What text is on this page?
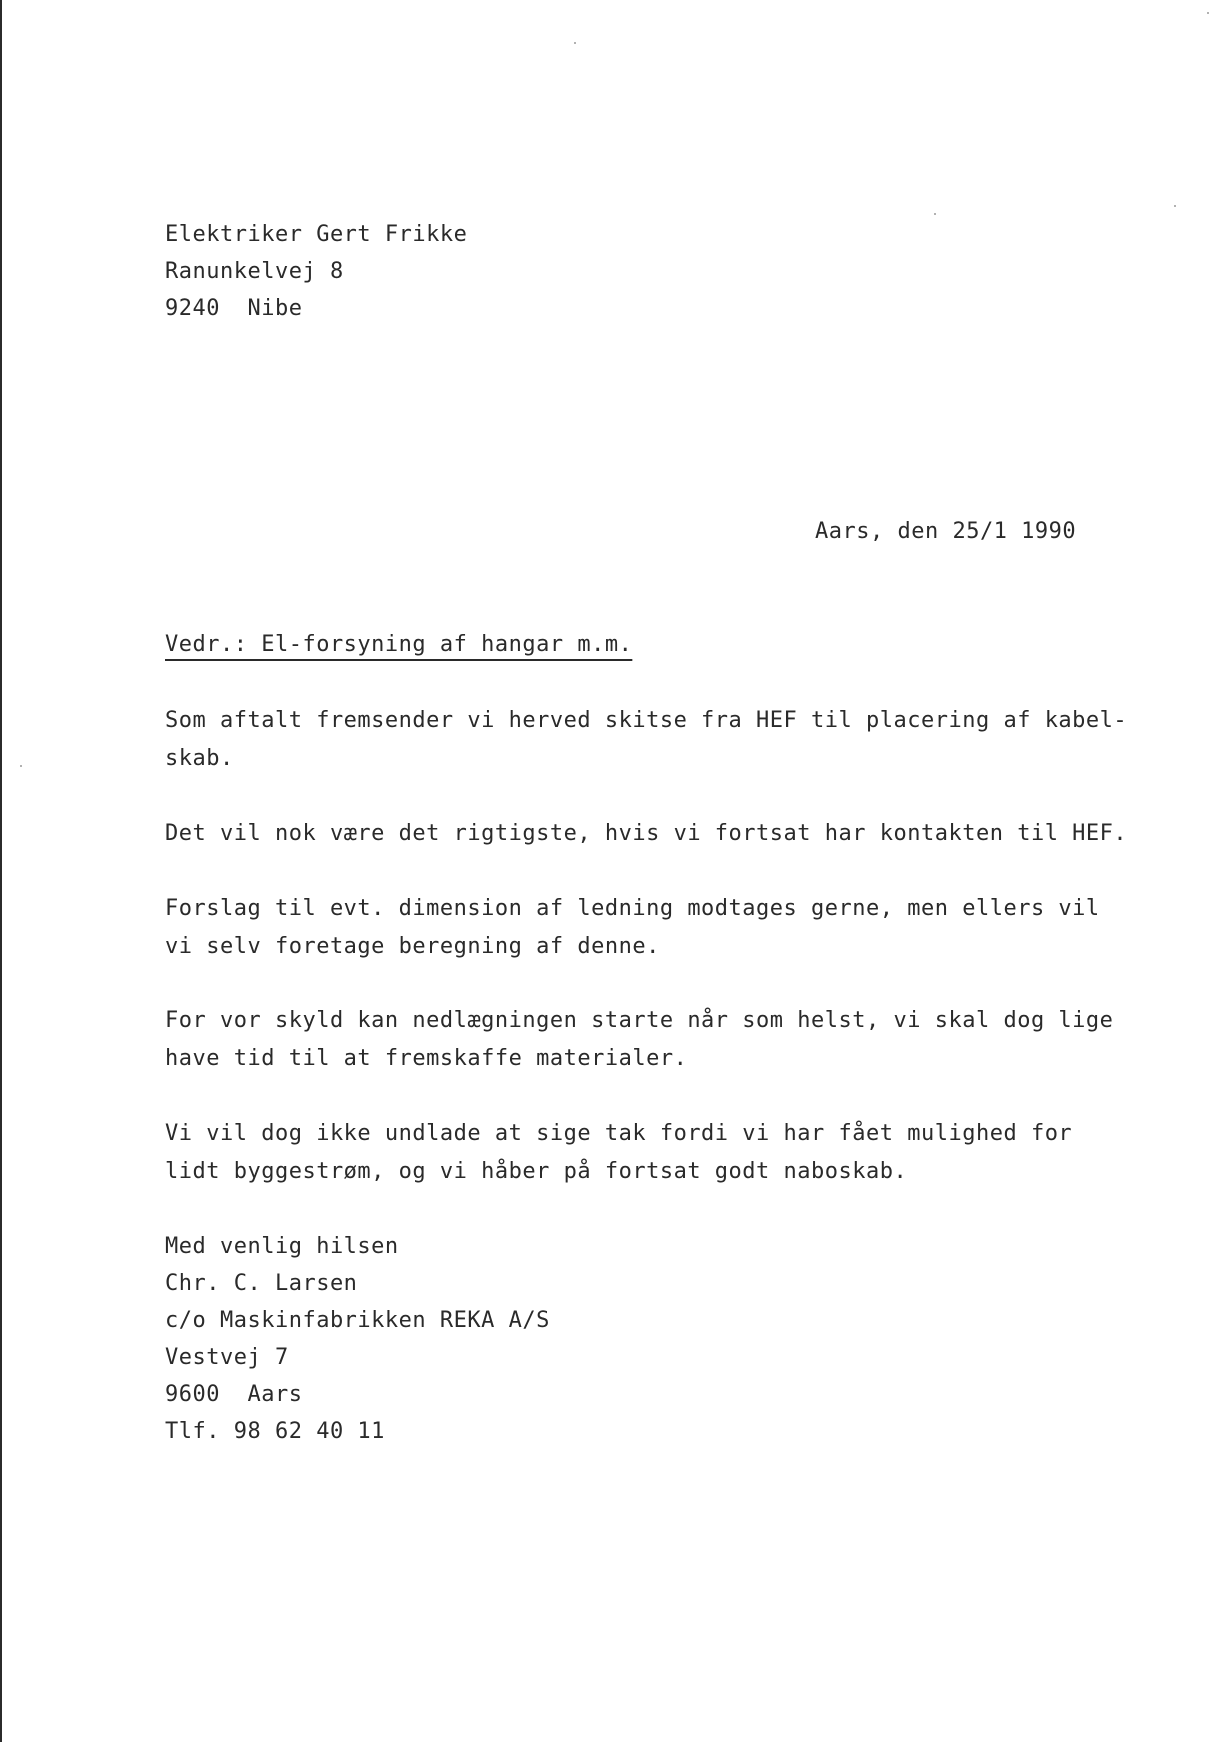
Elektriker Gert Frikke
Ranunkelvej 8
9240  Nibe
Aars, den 25/1 1990
Vedr.: El-forsyning af hangar m.m.
Som aftalt fremsender vi herved skitse fra HEF til placering af kabel-
skab.
Det vil nok være det rigtigste, hvis vi fortsat har kontakten til HEF.
Forslag til evt. dimension af ledning modtages gerne, men ellers vil
vi selv foretage beregning af denne.
For vor skyld kan nedlægningen starte når som helst, vi skal dog lige
have tid til at fremskaffe materialer.
Vi vil dog ikke undlade at sige tak fordi vi har fået mulighed for
lidt byggestrøm, og vi håber på fortsat godt naboskab.
Med venlig hilsen
Chr. C. Larsen
c/o Maskinfabrikken REKA A/S
Vestvej 7
9600  Aars
Tlf. 98 62 40 11
